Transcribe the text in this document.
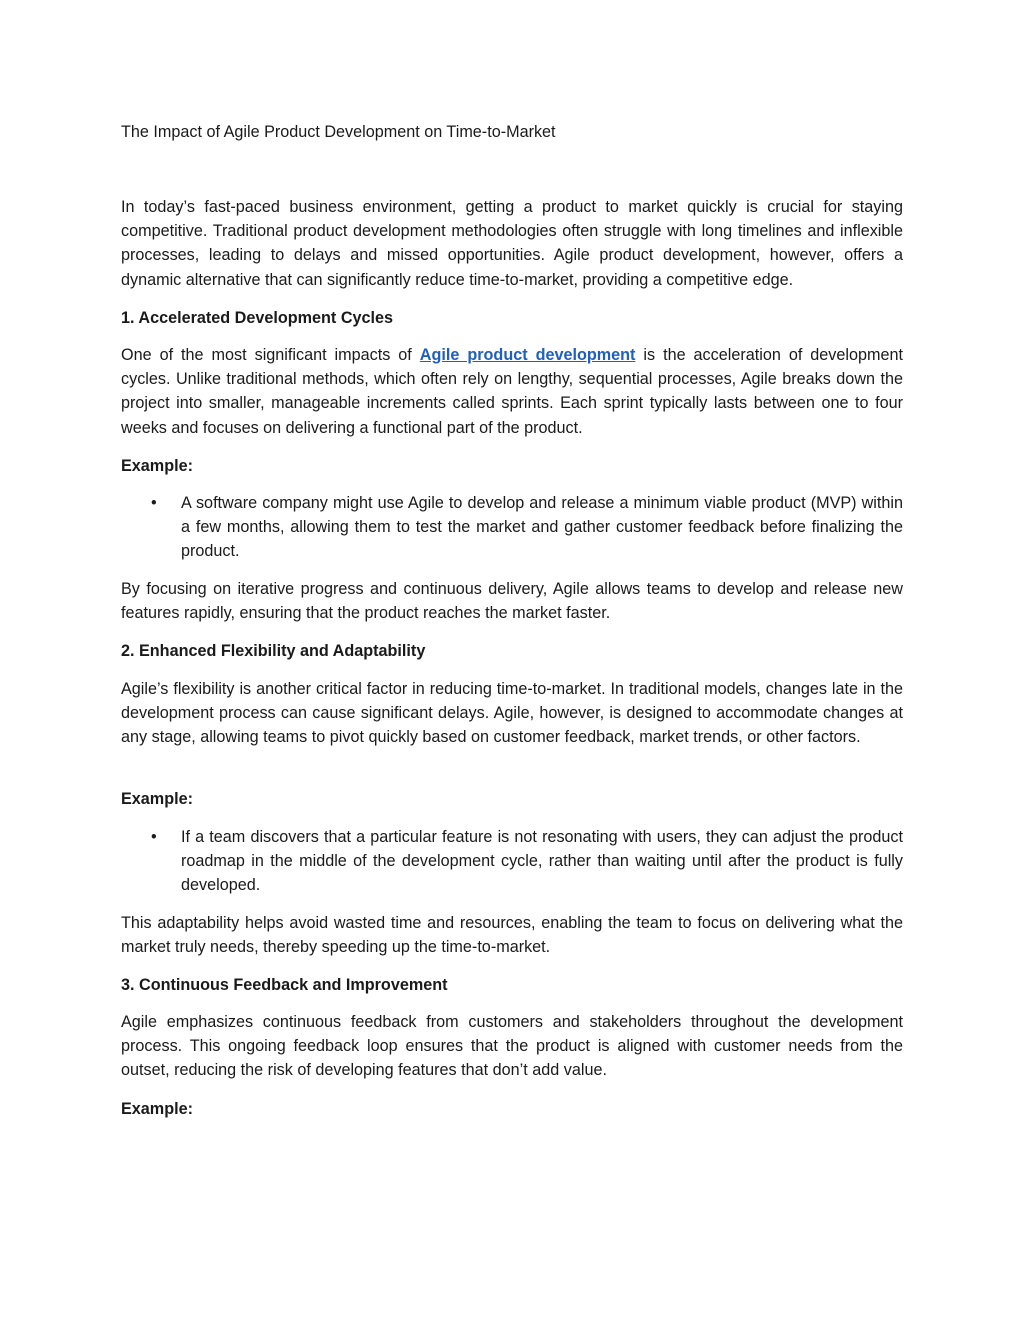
The Impact of Agile Product Development on Time-to-Market

In today’s fast-paced business environment, getting a product to market quickly is crucial for staying competitive. Traditional product development methodologies often struggle with long timelines and inflexible processes, leading to delays and missed opportunities. Agile product development, however, offers a dynamic alternative that can significantly reduce time-to-market, providing a competitive edge.

1. Accelerated Development Cycles

One of the most significant impacts of Agile product development is the acceleration of development cycles. Unlike traditional methods, which often rely on lengthy, sequential processes, Agile breaks down the project into smaller, manageable increments called sprints. Each sprint typically lasts between one to four weeks and focuses on delivering a functional part of the product.

Example:

• A software company might use Agile to develop and release a minimum viable product (MVP) within a few months, allowing them to test the market and gather customer feedback before finalizing the product.

By focusing on iterative progress and continuous delivery, Agile allows teams to develop and release new features rapidly, ensuring that the product reaches the market faster.

2. Enhanced Flexibility and Adaptability

Agile’s flexibility is another critical factor in reducing time-to-market. In traditional models, changes late in the development process can cause significant delays. Agile, however, is designed to accommodate changes at any stage, allowing teams to pivot quickly based on customer feedback, market trends, or other factors.

Example:

• If a team discovers that a particular feature is not resonating with users, they can adjust the product roadmap in the middle of the development cycle, rather than waiting until after the product is fully developed.

This adaptability helps avoid wasted time and resources, enabling the team to focus on delivering what the market truly needs, thereby speeding up the time-to-market.

3. Continuous Feedback and Improvement

Agile emphasizes continuous feedback from customers and stakeholders throughout the development process. This ongoing feedback loop ensures that the product is aligned with customer needs from the outset, reducing the risk of developing features that don’t add value.

Example:
